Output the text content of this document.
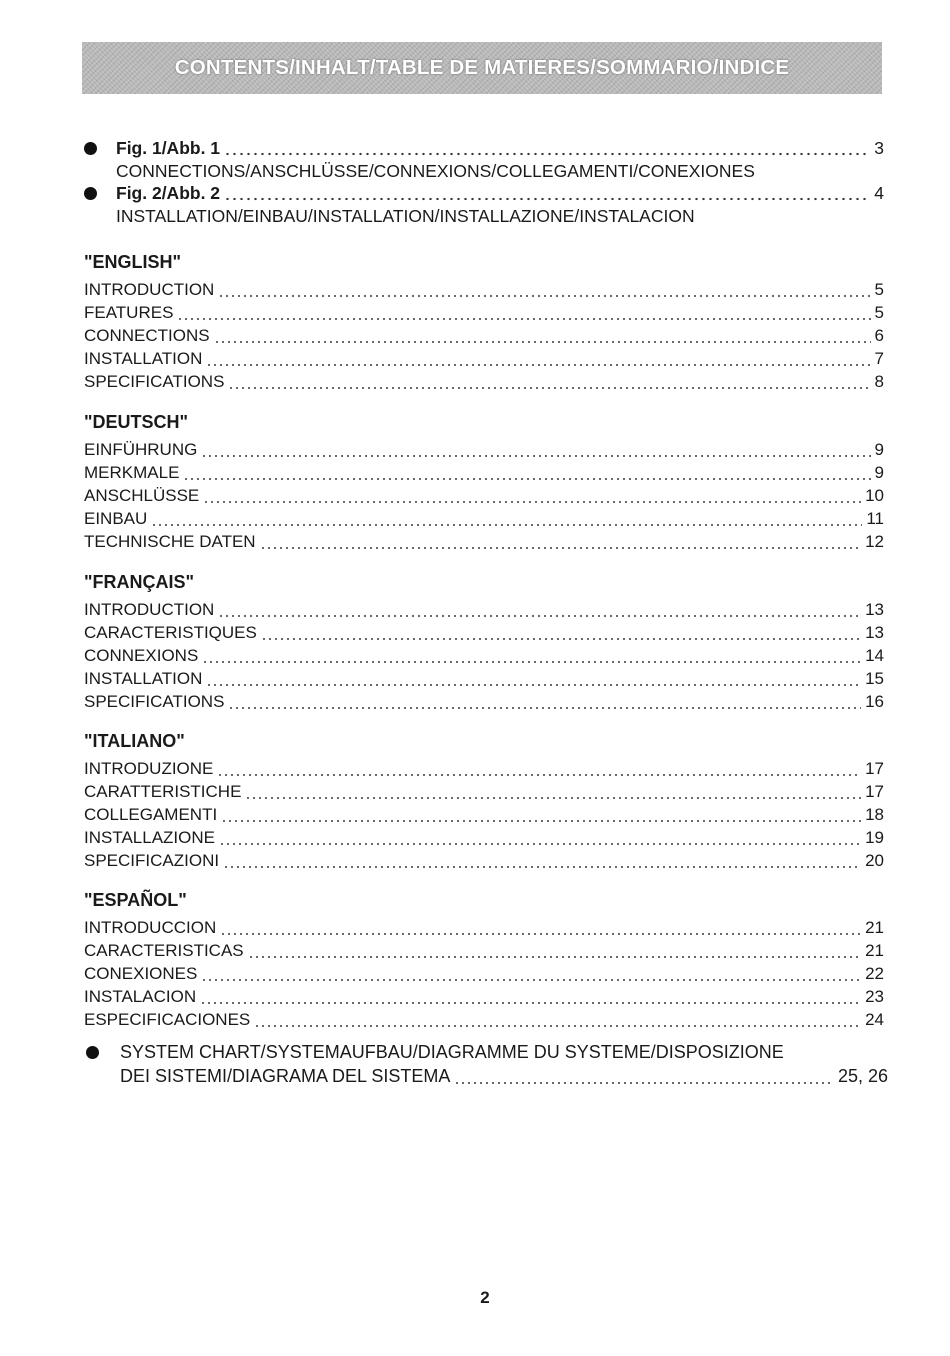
CONTENTS/INHALT/TABLE DE MATIERES/SOMMARIO/INDICE
Fig. 1/Abb. 1	3
CONNECTIONS/ANSCHLÜSSE/CONNEXIONS/COLLEGAMENTI/CONEXIONES
Fig. 2/Abb. 2	4
INSTALLATION/EINBAU/INSTALLATION/INSTALLAZIONE/INSTALACION
"ENGLISH"
INTRODUCTION	5
FEATURES	5
CONNECTIONS	6
INSTALLATION	7
SPECIFICATIONS	8
"DEUTSCH"
EINFÜHRUNG	9
MERKMALE	9
ANSCHLÜSSE	10
EINBAU	11
TECHNISCHE DATEN	12
"FRANÇAIS"
INTRODUCTION	13
CARACTERISTIQUES	13
CONNEXIONS	14
INSTALLATION	15
SPECIFICATIONS	16
"ITALIANO"
INTRODUZIONE	17
CARATTERISTICHE	17
COLLEGAMENTI	18
INSTALLAZIONE	19
SPECIFICAZIONI	20
"ESPAÑOL"
INTRODUCCION	21
CARACTERISTICAS	21
CONEXIONES	22
INSTALACION	23
ESPECIFICACIONES	24
SYSTEM CHART/SYSTEMAUFBAU/DIAGRAMME DU SYSTEME/DISPOSIZIONE
DEI SISTEMI/DIAGRAMA DEL SISTEMA	25, 26
2
